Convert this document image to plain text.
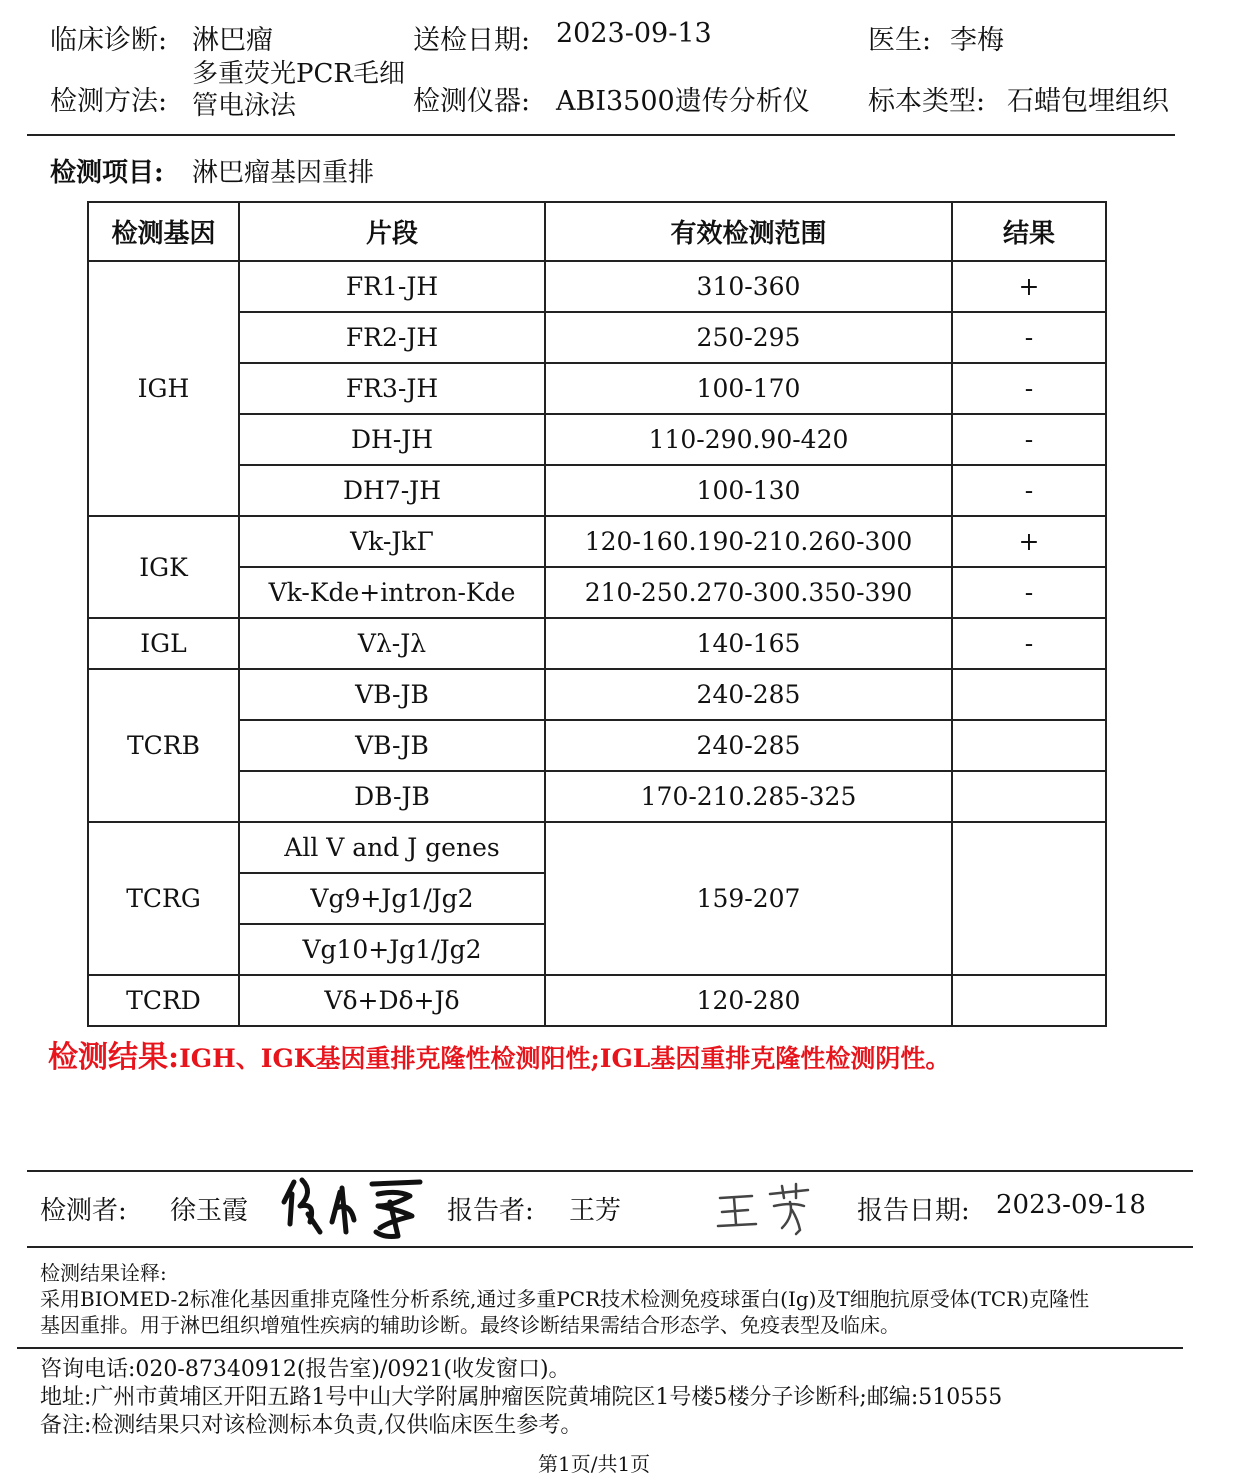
临床诊断: 淋巴瘤	送检日期: 2023-09-13	医生: 李梅
检测方法:
多重荧光PCR毛细
管电泳法	检测仪器: ABI3500遗传分析仪 标本类型: 石蜡包埋组织
检测项目: 淋巴瘤基因重排
检测基因	片段	有效检测范围	结果
IGH	FR1-JH	310-360	+
	FR2-JH	250-295	-
	FR3-JH	100-170	-
	DH-JH	110-290.90-420	-
	DH7-JH	100-130	-
IGK	Vk-JkΓ	120-160.190-210.260-300	+
	Vk-Kde+intron-Kde	210-250.270-300.350-390	-
IGL	Vλ-Jλ	140-165	-
TCRB	VB-JB	240-285	
	VB-JB	240-285	
	DB-JB	170-210.285-325	
TCRG	All V and J genes	159-207	
	Vg9+Jg1/Jg2		
	Vg10+Jg1/Jg2		
TCRD	Vδ+Dδ+Jδ	120-280	
检测结果:IGH、IGK基因重排克隆性检测阳性;IGL基因重排克隆性检测阴性。
检测者: 徐玉霞	报告者: 王芳	报告日期: 2023-09-18
检测结果诠释:
采用BIOMED-2标准化基因重排克隆性分析系统,通过多重PCR技术检测免疫球蛋白(Ig)及T细胞抗原受体(TCR)克隆性
基因重排。用于淋巴组织增殖性疾病的辅助诊断。最终诊断结果需结合形态学、免疫表型及临床。
咨询电话:020-87340912(报告室)/0921(收发窗口)。
地址:广州市黄埔区开阳五路1号中山大学附属肿瘤医院黄埔院区1号楼5楼分子诊断科;邮编:510555
备注:检测结果只对该检测标本负责,仅供临床医生参考。
第1页/共1页
